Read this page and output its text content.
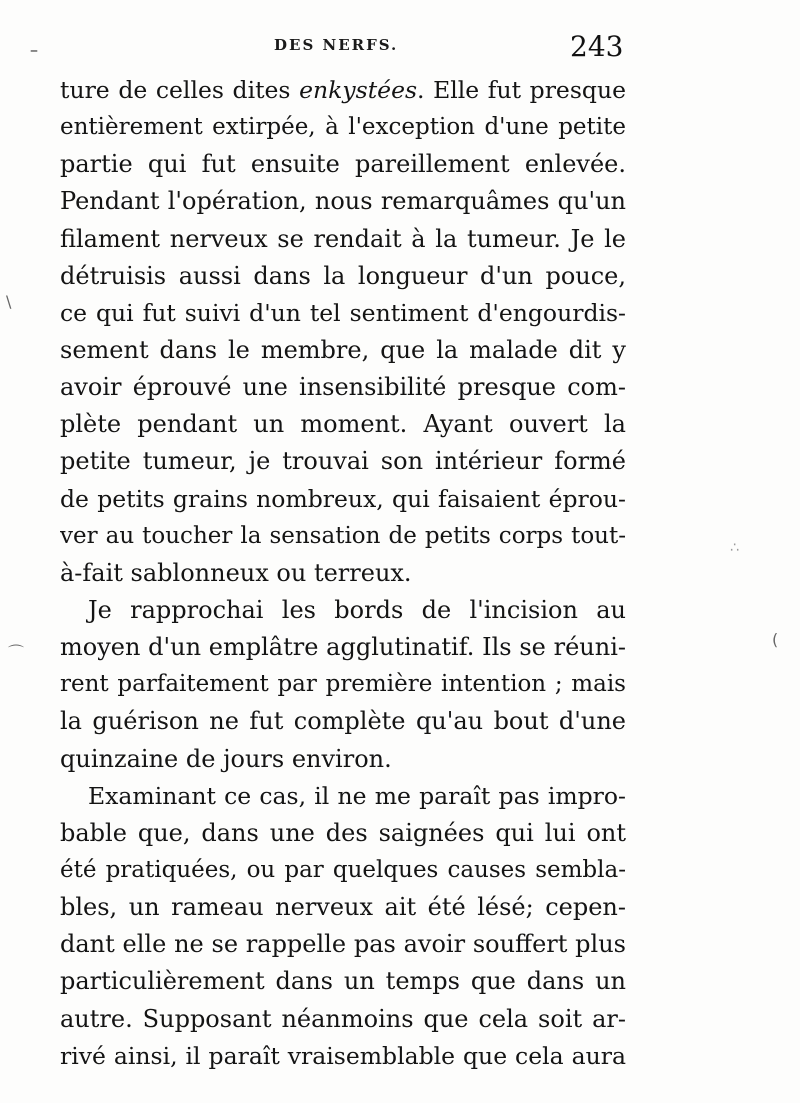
–	DES NERFS.	243
\
⌒
(
∴
ture de celles dites enkystées. Elle fut presque
entièrement extirpée, à l'exception d'une petite
partie qui fut ensuite pareillement enlevée.
Pendant l'opération, nous remarquâmes qu'un
filament nerveux se rendait à la tumeur. Je le
détruisis aussi dans la longueur d'un pouce,
ce qui fut suivi d'un tel sentiment d'engourdis-
sement dans le membre, que la malade dit y
avoir éprouvé une insensibilité presque com-
plète pendant un moment. Ayant ouvert la
petite tumeur, je trouvai son intérieur formé
de petits grains nombreux, qui faisaient éprou-
ver au toucher la sensation de petits corps tout-
à-fait sablonneux ou terreux.
Je rapprochai les bords de l'incision au
moyen d'un emplâtre agglutinatif. Ils se réuni-
rent parfaitement par première intention ; mais
la guérison ne fut complète qu'au bout d'une
quinzaine de jours environ.
Examinant ce cas, il ne me paraît pas impro-
bable que, dans une des saignées qui lui ont
été pratiquées, ou par quelques causes sembla-
bles, un rameau nerveux ait été lésé; cepen-
dant elle ne se rappelle pas avoir souffert plus
particulièrement dans un temps que dans un
autre. Supposant néanmoins que cela soit ar-
rivé ainsi, il paraît vraisemblable que cela aura
